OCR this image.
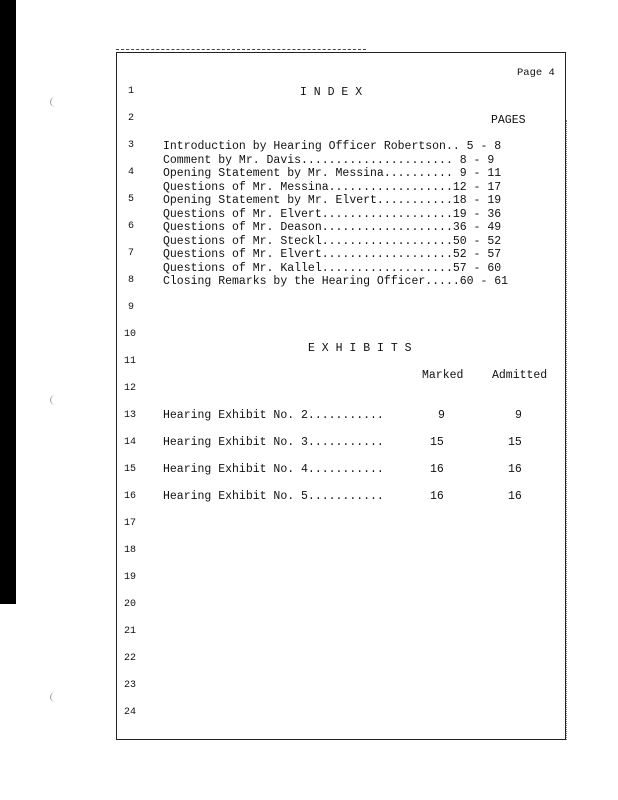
Page 4
1
2
3
4
5
6
7
8
9
10
11
12
13
14
15
16
17
18
19
20
21
22
23
24
I N D E X
PAGES
Introduction by Hearing Officer Robertson.. 5 - 8
Comment by Mr. Davis...................... 8 - 9
Opening Statement by Mr. Messina.......... 9 - 11
Questions of Mr. Messina..................12 - 17
Opening Statement by Mr. Elvert...........18 - 19
Questions of Mr. Elvert...................19 - 36
Questions of Mr. Deason...................36 - 49
Questions of Mr. Steckl...................50 - 52
Questions of Mr. Elvert...................52 - 57
Questions of Mr. Kallel...................57 - 60
Closing Remarks by the Hearing Officer.....60 - 61
E X H I B I T S
Marked Admitted
Hearing Exhibit No. 2...........	9	9
Hearing Exhibit No. 3...........	15	15
Hearing Exhibit No. 4...........	16	16
Hearing Exhibit No. 5...........	16	16
